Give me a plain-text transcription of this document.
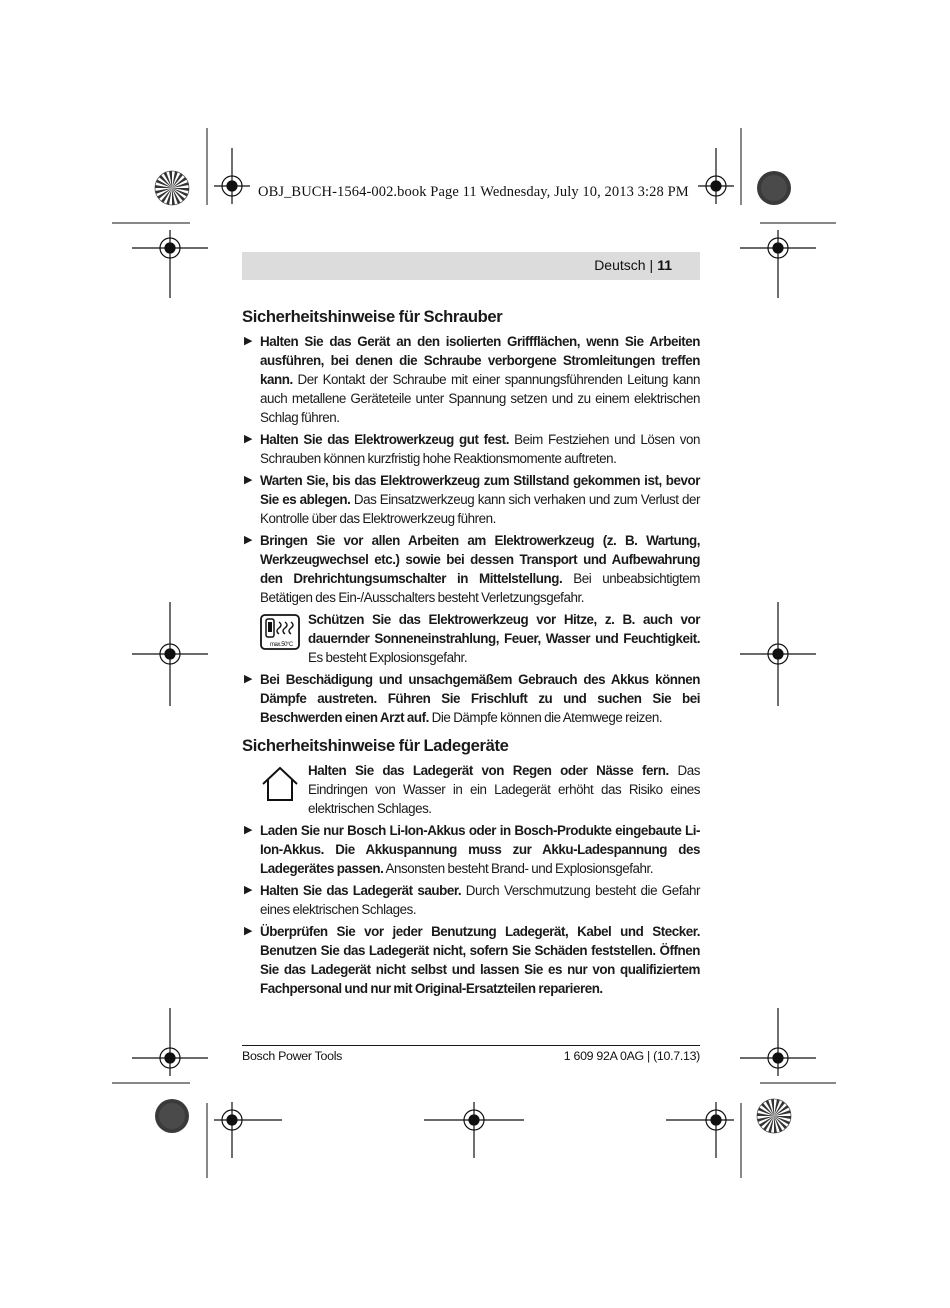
OBJ_BUCH-1564-002.book Page 11 Wednesday, July 10, 2013 3:28 PM
Deutsch | 11
Sicherheitshinweise für Schrauber
▶ Halten Sie das Gerät an den isolierten Griffflächen, wenn Sie Arbeiten ausführen, bei denen die Schraube verborgene Stromleitungen treffen kann. Der Kontakt der Schraube mit einer spannungsführenden Leitung kann auch metallene Geräteteile unter Spannung setzen und zu einem elektrischen Schlag führen.
▶ Halten Sie das Elektrowerkzeug gut fest. Beim Festziehen und Lösen von Schrauben können kurzfristig hohe Reaktionsmomente auftreten.
▶ Warten Sie, bis das Elektrowerkzeug zum Stillstand gekommen ist, bevor Sie es ablegen. Das Einsatzwerkzeug kann sich verhaken und zum Verlust der Kontrolle über das Elektrowerkzeug führen.
▶ Bringen Sie vor allen Arbeiten am Elektrowerkzeug (z. B. Wartung, Werkzeugwechsel etc.) sowie bei dessen Transport und Aufbewahrung den Drehrichtungsumschalter in Mittelstellung. Bei unbeabsichtigtem Betätigen des Ein-/Ausschalters besteht Verletzungsgefahr.
max.50°C
Schützen Sie das Elektrowerkzeug vor Hitze, z. B. auch vor dauernder Sonneneinstrahlung, Feuer, Wasser und Feuchtigkeit. Es besteht Explosionsgefahr.
▶ Bei Beschädigung und unsachgemäßem Gebrauch des Akkus können Dämpfe austreten. Führen Sie Frischluft zu und suchen Sie bei Beschwerden einen Arzt auf. Die Dämpfe können die Atemwege reizen.
Sicherheitshinweise für Ladegeräte
Halten Sie das Ladegerät von Regen oder Nässe fern. Das Eindringen von Wasser in ein Ladegerät erhöht das Risiko eines elektrischen Schlages.
▶ Laden Sie nur Bosch Li-Ion-Akkus oder in Bosch-Produkte eingebaute Li-Ion-Akkus. Die Akkuspannung muss zur Akku-Ladespannung des Ladegerätes passen. Ansonsten besteht Brand- und Explosionsgefahr.
▶ Halten Sie das Ladegerät sauber. Durch Verschmutzung besteht die Gefahr eines elektrischen Schlages.
▶ Überprüfen Sie vor jeder Benutzung Ladegerät, Kabel und Stecker. Benutzen Sie das Ladegerät nicht, sofern Sie Schäden feststellen. Öffnen Sie das Ladegerät nicht selbst und lassen Sie es nur von qualifiziertem Fachpersonal und nur mit Original-Ersatzteilen reparieren.
Bosch Power Tools	1 609 92A 0AG | (10.7.13)
